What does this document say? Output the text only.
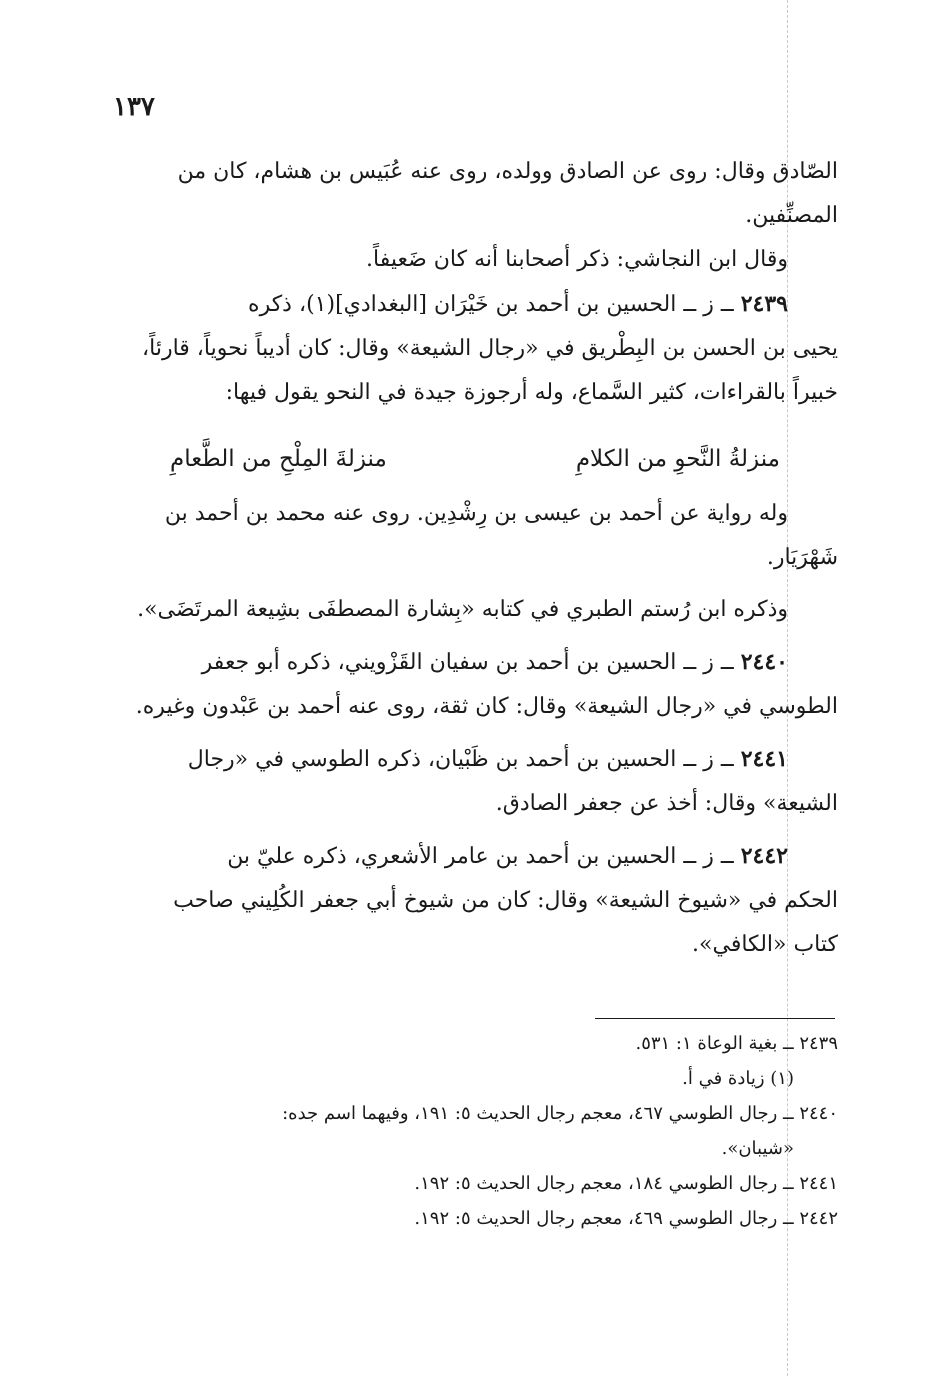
١٣٧

الصّادق وقال: روى عن الصادق وولده، روى عنه عُبَيس بن هشام، كان من

المصنِّفين.

وقال ابن النجاشي: ذكر أصحابنا أنه كان ضَعيفاً.

٢٤٣٩ ــ ز ــ الحسين بن أحمد بن خَيْرَان [البغدادي](١)، ذكره

يحيى بن الحسن بن البِطْريق في «رجال الشيعة» وقال: كان أديباً نحوياً، قارئاً،

خبيراً بالقراءات، كثير السَّماع، وله أرجوزة جيدة في النحو يقول فيها:

منزلةُ النَّحوِ من الكلامِ
منزلةَ المِلْحِ من الطَّعامِ

وله رواية عن أحمد بن عيسى بن رِشْدِين. روى عنه محمد بن أحمد بن

شَهْرَيَار.

وذكره ابن رُستم الطبري في كتابه «بِشارة المصطفَى بشِيعة المرتَضَى».

٢٤٤٠ ــ ز ــ الحسين بن أحمد بن سفيان القَزْويني، ذكره أبو جعفر

الطوسي في «رجال الشيعة» وقال: كان ثقة، روى عنه أحمد بن عَبْدون وغيره.

٢٤٤١ ــ ز ــ الحسين بن أحمد بن ظَبْيان، ذكره الطوسي في «رجال

الشيعة» وقال: أخذ عن جعفر الصادق.

٢٤٤٢ ــ ز ــ الحسين بن أحمد بن عامر الأشعري، ذكره عليّ بن

الحكم في «شيوخ الشيعة» وقال: كان من شيوخ أبي جعفر الكُلِيني صاحب

كتاب «الكافي».

٢٤٣٩ ــ بغية الوعاة ١: ٥٣١.

(١) زيادة في أ.

٢٤٤٠ ــ رجال الطوسي ٤٦٧، معجم رجال الحديث ٥: ١٩١، وفيهما اسم جده:

«شيبان».

٢٤٤١ ــ رجال الطوسي ١٨٤، معجم رجال الحديث ٥: ١٩٢.

٢٤٤٢ ــ رجال الطوسي ٤٦٩، معجم رجال الحديث ٥: ١٩٢.
